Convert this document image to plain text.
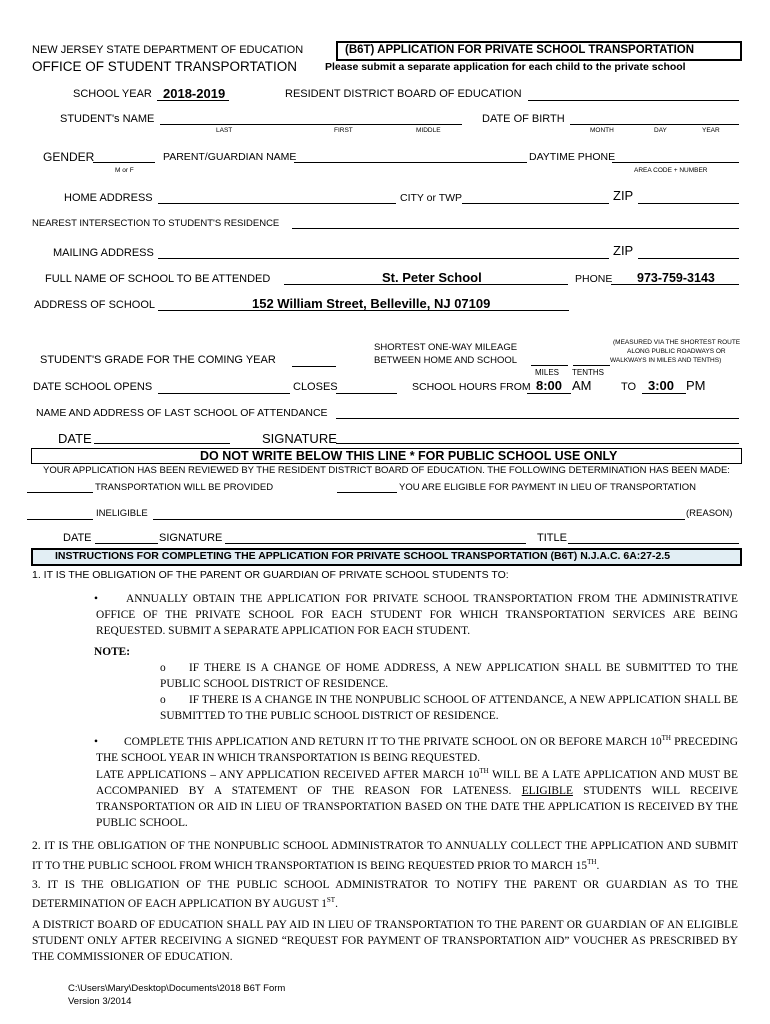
NEW JERSEY STATE DEPARTMENT OF EDUCATION
OFFICE OF STUDENT TRANSPORTATION
(B6T) APPLICATION FOR PRIVATE SCHOOL TRANSPORTATION
Please submit a separate application for each child to the private school
SCHOOL YEAR 2018-2019	RESIDENT DISTRICT BOARD OF EDUCATION
STUDENT's NAME
LAST	FIRST	MIDDLE
DATE OF BIRTH
MONTH	DAY	YEAR
GENDER
M or F
PARENT/GUARDIAN NAME	DAYTIME PHONE
AREA CODE + NUMBER
HOME ADDRESS	CITY or TWP	ZIP
NEAREST INTERSECTION TO STUDENT'S RESIDENCE
MAILING ADDRESS	ZIP
FULL NAME OF SCHOOL TO BE ATTENDED	St. Peter School	PHONE 973-759-3143
ADDRESS OF SCHOOL	152 William Street, Belleville, NJ 07109
SHORTEST ONE-WAY MILEAGE
BETWEEN HOME AND SCHOOL
(MEASURED VIA THE SHORTEST ROUTE
ALONG PUBLIC ROADWAYS OR
WALKWAYS IN MILES AND TENTHS)
STUDENT'S GRADE FOR THE COMING YEAR
MILES TENTHS
DATE SCHOOL OPENS	CLOSES	SCHOOL HOURS FROM 8:00 AM	TO 3:00 PM
NAME AND ADDRESS OF LAST SCHOOL OF ATTENDANCE
DATE	SIGNATURE
DO NOT WRITE BELOW THIS LINE * FOR PUBLIC SCHOOL USE ONLY
YOUR APPLICATION HAS BEEN REVIEWED BY THE RESIDENT DISTRICT BOARD OF EDUCATION. THE FOLLOWING DETERMINATION HAS BEEN MADE:
TRANSPORTATION WILL BE PROVIDED	YOU ARE ELIGIBLE FOR PAYMENT IN LIEU OF TRANSPORTATION
INELIGIBLE	(REASON)
DATE	SIGNATURE	TITLE
INSTRUCTIONS FOR COMPLETING THE APPLICATION FOR PRIVATE SCHOOL TRANSPORTATION (B6T) N.J.A.C. 6A:27-2.5
1. IT IS THE OBLIGATION OF THE PARENT OR GUARDIAN OF PRIVATE SCHOOL STUDENTS TO:
•	ANNUALLY OBTAIN THE APPLICATION FOR PRIVATE SCHOOL TRANSPORTATION FROM THE ADMINISTRATIVE OFFICE OF THE PRIVATE SCHOOL FOR EACH STUDENT FOR WHICH TRANSPORTATION SERVICES ARE BEING REQUESTED. SUBMIT A SEPARATE APPLICATION FOR EACH STUDENT.
NOTE:
o	IF THERE IS A CHANGE OF HOME ADDRESS, A NEW APPLICATION SHALL BE SUBMITTED TO THE PUBLIC SCHOOL DISTRICT OF RESIDENCE.
o	IF THERE IS A CHANGE IN THE NONPUBLIC SCHOOL OF ATTENDANCE, A NEW APPLICATION SHALL BE SUBMITTED TO THE PUBLIC SCHOOL DISTRICT OF RESIDENCE.
•	COMPLETE THIS APPLICATION AND RETURN IT TO THE PRIVATE SCHOOL ON OR BEFORE MARCH 10TH PRECEDING THE SCHOOL YEAR IN WHICH TRANSPORTATION IS BEING REQUESTED.
LATE APPLICATIONS – ANY APPLICATION RECEIVED AFTER MARCH 10TH WILL BE A LATE APPLICATION AND MUST BE ACCOMPANIED BY A STATEMENT OF THE REASON FOR LATENESS. ELIGIBLE STUDENTS WILL RECEIVE TRANSPORTATION OR AID IN LIEU OF TRANSPORTATION BASED ON THE DATE THE APPLICATION IS RECEIVED BY THE PUBLIC SCHOOL.
2. IT IS THE OBLIGATION OF THE NONPUBLIC SCHOOL ADMINISTRATOR TO ANNUALLY COLLECT THE APPLICATION AND SUBMIT IT TO THE PUBLIC SCHOOL FROM WHICH TRANSPORTATION IS BEING REQUESTED PRIOR TO MARCH 15TH.
3. IT IS THE OBLIGATION OF THE PUBLIC SCHOOL ADMINISTRATOR TO NOTIFY THE PARENT OR GUARDIAN AS TO THE DETERMINATION OF EACH APPLICATION BY AUGUST 1ST.
A DISTRICT BOARD OF EDUCATION SHALL PAY AID IN LIEU OF TRANSPORTATION TO THE PARENT OR GUARDIAN OF AN ELIGIBLE STUDENT ONLY AFTER RECEIVING A SIGNED “REQUEST FOR PAYMENT OF TRANSPORTATION AID” VOUCHER AS PRESCRIBED BY THE COMMISSIONER OF EDUCATION.
C:\Users\Mary\Desktop\Documents\2018 B6T Form
Version 3/2014
